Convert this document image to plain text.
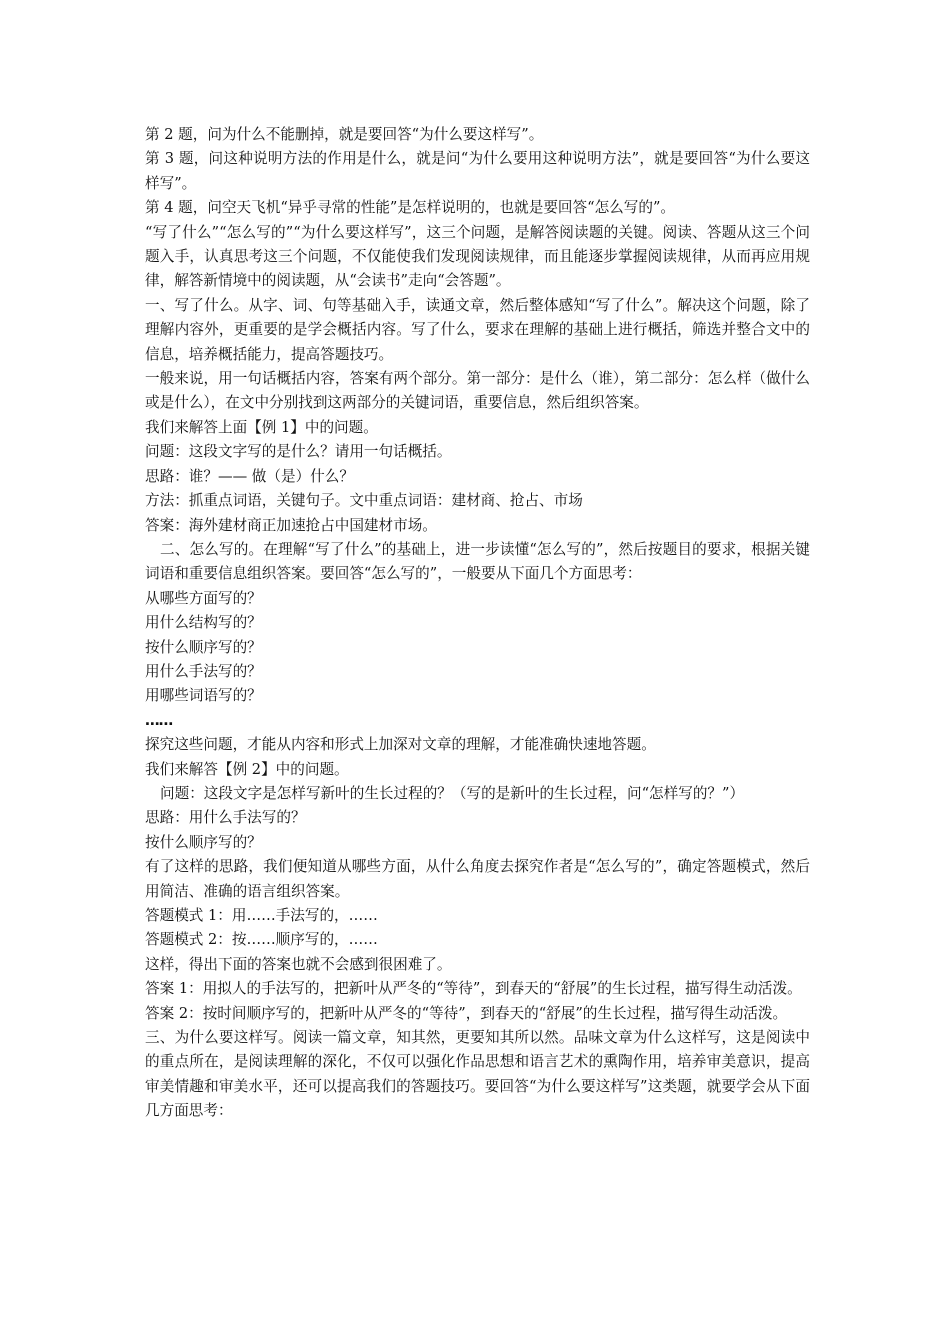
第 2 题，问为什么不能删掉，就是要回答“为什么要这样写”。

第 3 题，问这种说明方法的作用是什么，就是问“为什么要用这种说明方法”，就是要回答“为什么要这样写”。

第 4 题，问空天飞机“异乎寻常的性能”是怎样说明的，也就是要回答“怎么写的”。

“写了什么”“怎么写的”“为什么要这样写”，这三个问题，是解答阅读题的关键。阅读、答题从这三个问题入手，认真思考这三个问题，不仅能使我们发现阅读规律，而且能逐步掌握阅读规律，从而再应用规律，解答新情境中的阅读题，从“会读书”走向“会答题”。

一、写了什么。从字、词、句等基础入手，读通文章，然后整体感知“写了什么”。解决这个问题，除了理解内容外，更重要的是学会概括内容。写了什么，要求在理解的基础上进行概括，筛选并整合文中的信息，培养概括能力，提高答题技巧。

一般来说，用一句话概括内容，答案有两个部分。第一部分：是什么（谁），第二部分：怎么样（做什么或是什么），在文中分别找到这两部分的关键词语，重要信息，然后组织答案。

我们来解答上面【例 1】中的问题。

问题：这段文字写的是什么？请用一句话概括。

思路：谁？—— 做（是）什么？

方法：抓重点词语，关键句子。文中重点词语：建材商、抢占、市场

答案：海外建材商正加速抢占中国建材市场。

二、怎么写的。在理解“写了什么”的基础上，进一步读懂“怎么写的”，然后按题目的要求，根据关键词语和重要信息组织答案。要回答“怎么写的”，一般要从下面几个方面思考：

从哪些方面写的？

用什么结构写的？

按什么顺序写的？

用什么手法写的？

用哪些词语写的？

……

探究这些问题，才能从内容和形式上加深对文章的理解，才能准确快速地答题。

我们来解答【例 2】中的问题。

问题：这段文字是怎样写新叶的生长过程的？（写的是新叶的生长过程，问“怎样写的？”）

思路：用什么手法写的？

按什么顺序写的？

有了这样的思路，我们便知道从哪些方面，从什么角度去探究作者是“怎么写的”，确定答题模式，然后用简洁、准确的语言组织答案。

答题模式 1：用……手法写的，……

答题模式 2：按……顺序写的，……

这样，得出下面的答案也就不会感到很困难了。

答案 1：用拟人的手法写的，把新叶从严冬的“等待”，到春天的“舒展”的生长过程，描写得生动活泼。

答案 2：按时间顺序写的，把新叶从严冬的“等待”，到春天的“舒展”的生长过程，描写得生动活泼。

三、为什么要这样写。阅读一篇文章，知其然，更要知其所以然。品味文章为什么这样写，这是阅读中的重点所在，是阅读理解的深化，不仅可以强化作品思想和语言艺术的熏陶作用，培养审美意识，提高审美情趣和审美水平，还可以提高我们的答题技巧。要回答“为什么要这样写”这类题，就要学会从下面几方面思考：
